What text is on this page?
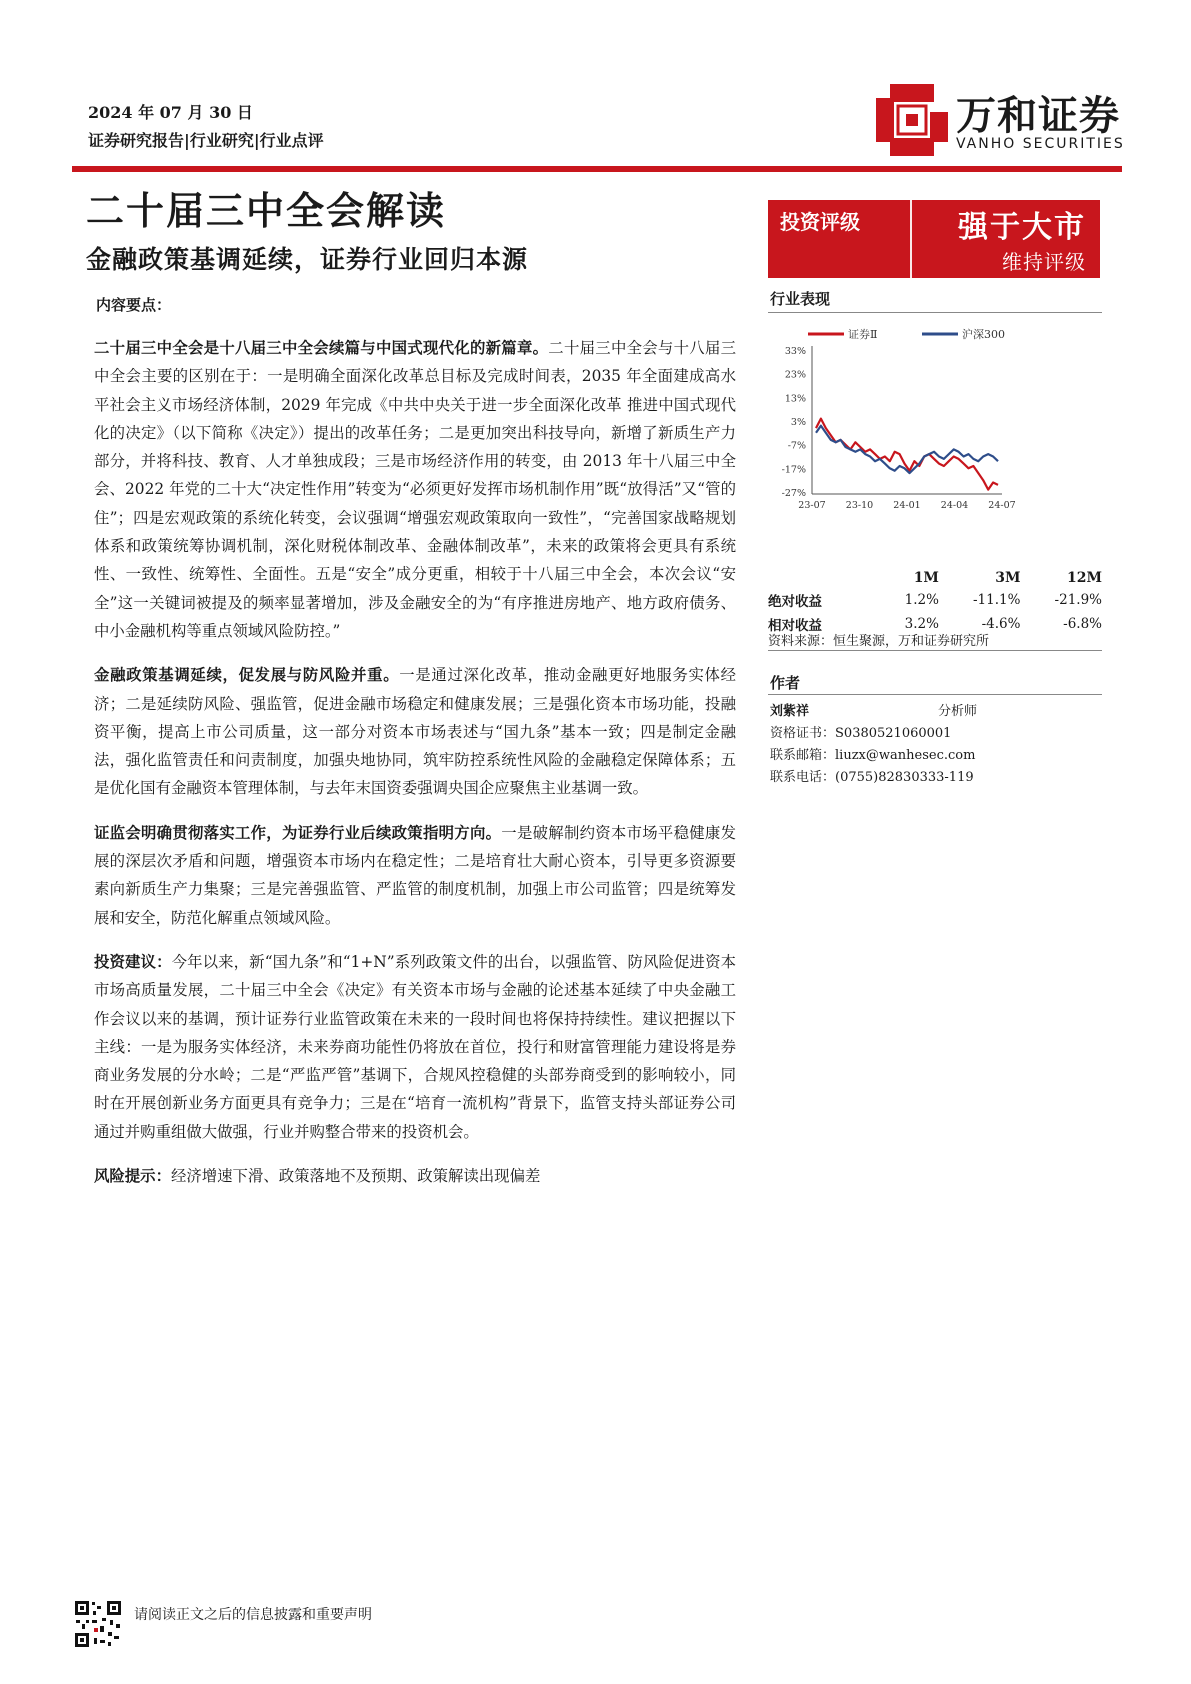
2024 年 07 月 30 日
证券研究报告|行业研究|行业点评
万和证券
VANHO SECURITIES
二十届三中全会解读
金融政策基调延续，证券行业回归本源
投资评级	强于大市
维持评级
内容要点：

二十届三中全会是十八届三中全会续篇与中国式现代化的新篇章。二十届三中全会与十八届三中全会主要的区别在于：一是明确全面深化改革总目标及完成时间表，2035 年全面建成高水平社会主义市场经济体制，2029 年完成《中共中央关于进一步全面深化改革 推进中国式现代化的决定》（以下简称《决定》）提出的改革任务；二是更加突出科技导向，新增了新质生产力部分，并将科技、教育、人才单独成段；三是市场经济作用的转变，由 2013 年十八届三中全会、2022 年党的二十大“决定性作用”转变为“必须更好发挥市场机制作用”既“放得活”又“管的住”；四是宏观政策的系统化转变，会议强调“增强宏观政策取向一致性”，“完善国家战略规划体系和政策统筹协调机制，深化财税体制改革、金融体制改革”，未来的政策将会更具有系统性、一致性、统筹性、全面性。五是“安全”成分更重，相较于十八届三中全会，本次会议“安全”这一关键词被提及的频率显著增加，涉及金融安全的为“有序推进房地产、地方政府债务、中小金融机构等重点领域风险防控。”

金融政策基调延续，促发展与防风险并重。一是通过深化改革，推动金融更好地服务实体经济；二是延续防风险、强监管，促进金融市场稳定和健康发展；三是强化资本市场功能，投融资平衡，提高上市公司质量，这一部分对资本市场表述与“国九条”基本一致；四是制定金融法，强化监管责任和问责制度，加强央地协同，筑牢防控系统性风险的金融稳定保障体系；五是优化国有金融资本管理体制，与去年末国资委强调央国企应聚焦主业基调一致。

证监会明确贯彻落实工作，为证券行业后续政策指明方向。一是破解制约资本市场平稳健康发展的深层次矛盾和问题，增强资本市场内在稳定性；二是培育壮大耐心资本，引导更多资源要素向新质生产力集聚；三是完善强监管、严监管的制度机制，加强上市公司监管；四是统筹发展和安全，防范化解重点领域风险。

投资建议：今年以来，新“国九条”和“1+N”系列政策文件的出台，以强监管、防风险促进资本市场高质量发展，二十届三中全会《决定》有关资本市场与金融的论述基本延续了中央金融工作会议以来的基调，预计证券行业监管政策在未来的一段时间也将保持持续性。建议把握以下主线：一是为服务实体经济，未来券商功能性仍将放在首位，投行和财富管理能力建设将是券商业务发展的分水岭；二是“严监严管”基调下，合规风控稳健的头部券商受到的影响较小，同时在开展创新业务方面更具有竞争力；三是在“培育一流机构”背景下，监管支持头部证券公司通过并购重组做大做强，行业并购整合带来的投资机会。

风险提示：经济增速下滑、政策落地不及预期、政策解读出现偏差

行业表现
证券Ⅱ	沪深300
33%
23%
13%
3%
-7%
-17%
-27%
23-07 23-10 24-01 24-04 24-07
	1M	3M	12M
绝对收益	1.2%	-11.1%	-21.9%
相对收益	3.2%	-4.6%	-6.8%
资料来源：恒生聚源，万和证券研究所
作者
刘紫祥	分析师
资格证书：S0380521060001
联系邮箱：liuzx@wanhesec.com
联系电话：(0755)82830333-119
请阅读正文之后的信息披露和重要声明
